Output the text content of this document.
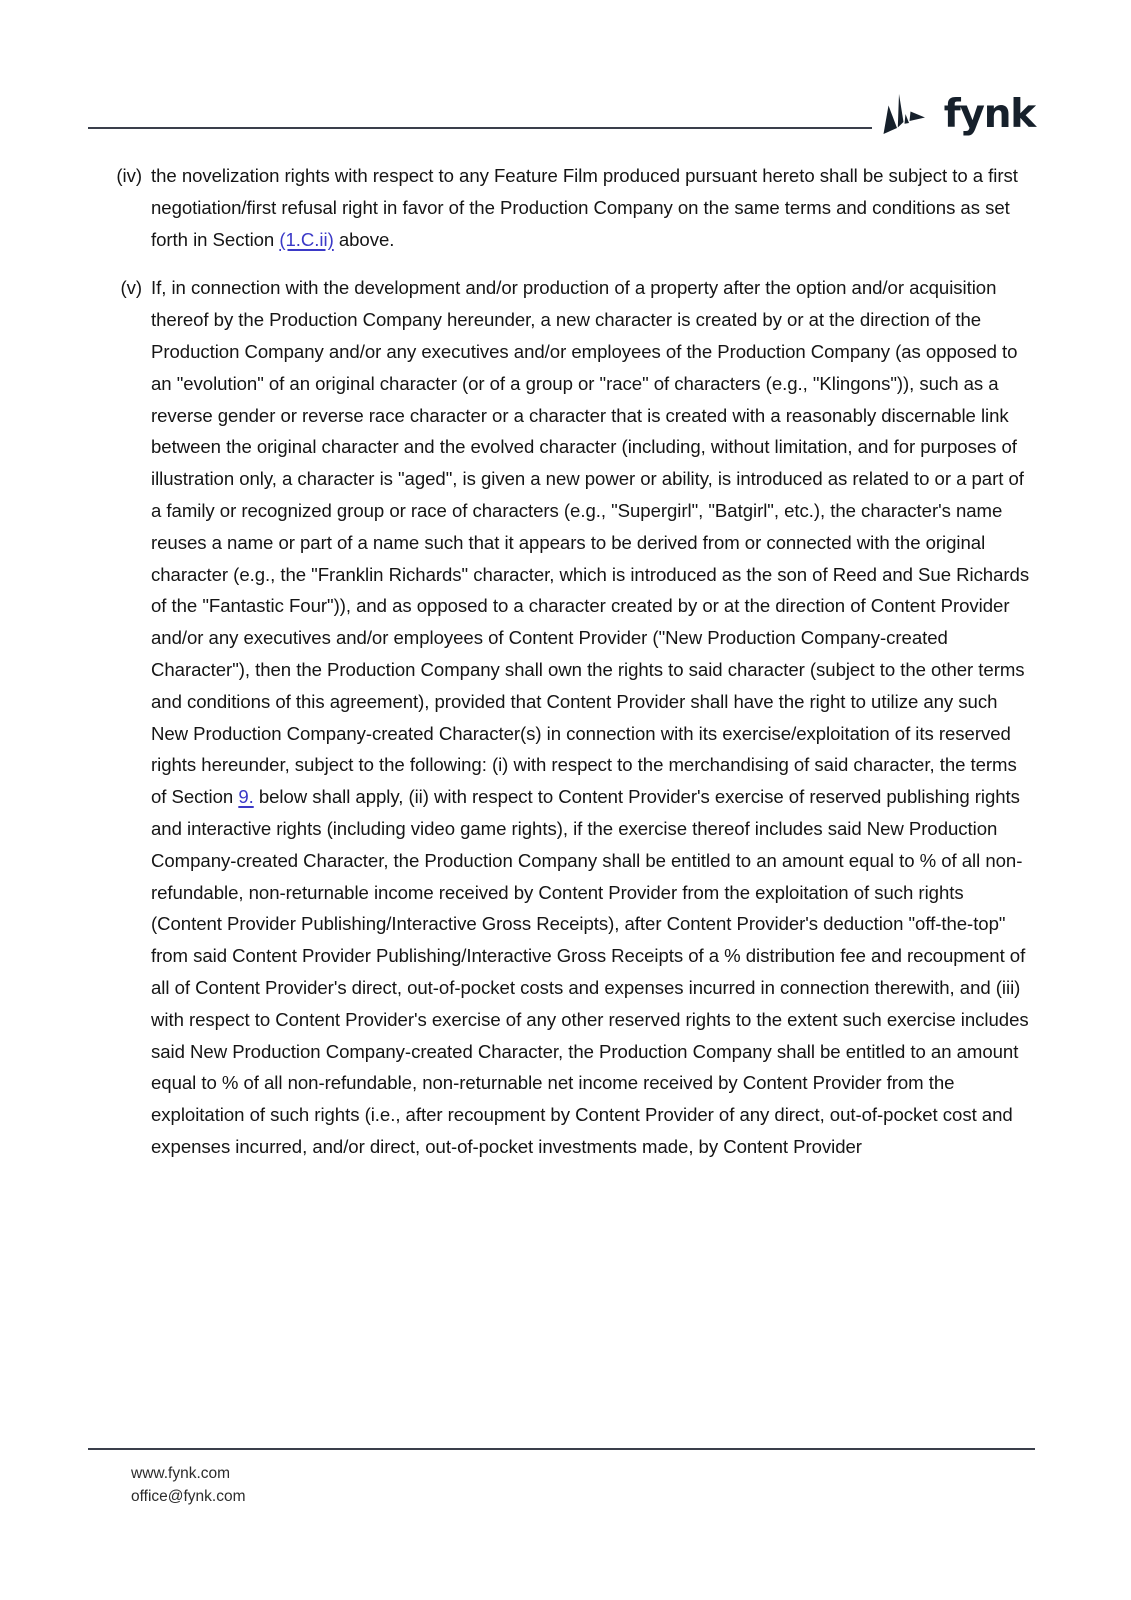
fynk
(iv) the novelization rights with respect to any Feature Film produced pursuant hereto shall be subject to a first negotiation/first refusal right in favor of the Production Company on the same terms and conditions as set forth in Section (1.C.ii) above.
(v) If, in connection with the development and/or production of a property after the option and/or acquisition thereof by the Production Company hereunder, a new character is created by or at the direction of the Production Company and/or any executives and/or employees of the Production Company (as opposed to an "evolution" of an original character (or of a group or "race" of characters (e.g., "Klingons")), such as a reverse gender or reverse race character or a character that is created with a reasonably discernable link between the original character and the evolved character (including, without limitation, and for purposes of illustration only, a character is "aged", is given a new power or ability, is introduced as related to or a part of a family or recognized group or race of characters (e.g., "Supergirl", "Batgirl", etc.), the character's name reuses a name or part of a name such that it appears to be derived from or connected with the original character (e.g., the "Franklin Richards" character, which is introduced as the son of Reed and Sue Richards of the "Fantastic Four")), and as opposed to a character created by or at the direction of Content Provider and/or any executives and/or employees of Content Provider ("New Production Company-created Character"), then the Production Company shall own the rights to said character (subject to the other terms and conditions of this agreement), provided that Content Provider shall have the right to utilize any such New Production Company-created Character(s) in connection with its exercise/exploitation of its reserved rights hereunder, subject to the following: (i) with respect to the merchandising of said character, the terms of Section 9. below shall apply, (ii) with respect to Content Provider's exercise of reserved publishing rights and interactive rights (including video game rights), if the exercise thereof includes said New Production Company-created Character, the Production Company shall be entitled to an amount equal to % of all non-refundable, non-returnable income received by Content Provider from the exploitation of such rights (Content Provider Publishing/Interactive Gross Receipts), after Content Provider's deduction "off-the-top" from said Content Provider Publishing/Interactive Gross Receipts of a % distribution fee and recoupment of all of Content Provider's direct, out-of-pocket costs and expenses incurred in connection therewith, and (iii) with respect to Content Provider's exercise of any other reserved rights to the extent such exercise includes said New Production Company-created Character, the Production Company shall be entitled to an amount equal to % of all non-refundable, non-returnable net income received by Content Provider from the exploitation of such rights (i.e., after recoupment by Content Provider of any direct, out-of-pocket cost and expenses incurred, and/or direct, out-of-pocket investments made, by Content Provider
www.fynk.com
office@fynk.com
